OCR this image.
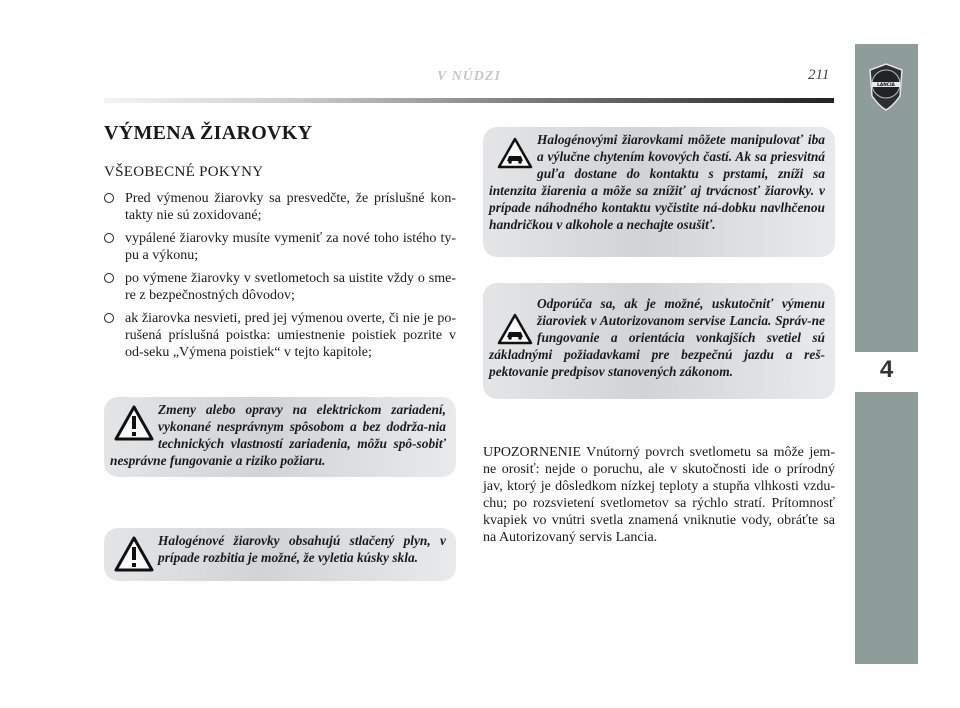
V NÚDZI	211
LANCIA
4
VÝMENA ŽIAROVKY
VŠEOBECNÉ POKYNY
Pred výmenou žiarovky sa presvedčte, že príslušné kon-takty nie sú zoxidované;
vypálené žiarovky musíte vymeniť za nové toho istého ty-pu a výkonu;
po výmene žiarovky v svetlometoch sa uistite vždy o sme-re z bezpečnostných dôvodov;
ak žiarovka nesvieti, pred jej výmenou overte, či nie je po-rušená príslušná poistka: umiestnenie poistiek pozrite v od-seku „Výmena poistiek“ v tejto kapitole;
Zmeny alebo opravy na elektrickom zariadení, vykonané nesprávnym spôsobom a bez dodrža-nia technických vlastností zariadenia, môžu spô-sobiť nesprávne fungovanie a riziko požiaru.
Halogénové žiarovky obsahujú stlačený plyn, v prípade rozbitia je možné, že vyletia kúsky skla.
Halogénovými žiarovkami môžete manipulovať iba a výlučne chytením kovových častí. Ak sa priesvitná guľa dostane do kontaktu s prstami, zníži sa intenzita žiarenia a môže sa znížiť aj trvácnosť žiarovky. v prípade náhodného kontaktu vyčistite ná-dobku navlhčenou handričkou v alkohole a nechajte osušiť.
Odporúča sa, ak je možné, uskutočniť výmenu žiaroviek v Autorizovanom servise Lancia. Správ-ne fungovanie a orientácia vonkajších svetiel sú základnými požiadavkami pre bezpečnú jazdu a reš-pektovanie predpisov stanovených zákonom.
UPOZORNENIE Vnútorný povrch svetlometu sa môže jem-ne orosiť: nejde o poruchu, ale v skutočnosti ide o prírodný jav, ktorý je dôsledkom nízkej teploty a stupňa vlhkosti vzdu-chu; po rozsvietení svetlometov sa rýchlo stratí. Prítomnosť kvapiek vo vnútri svetla znamená vniknutie vody, obráťte sa na Autorizovaný servis Lancia.
